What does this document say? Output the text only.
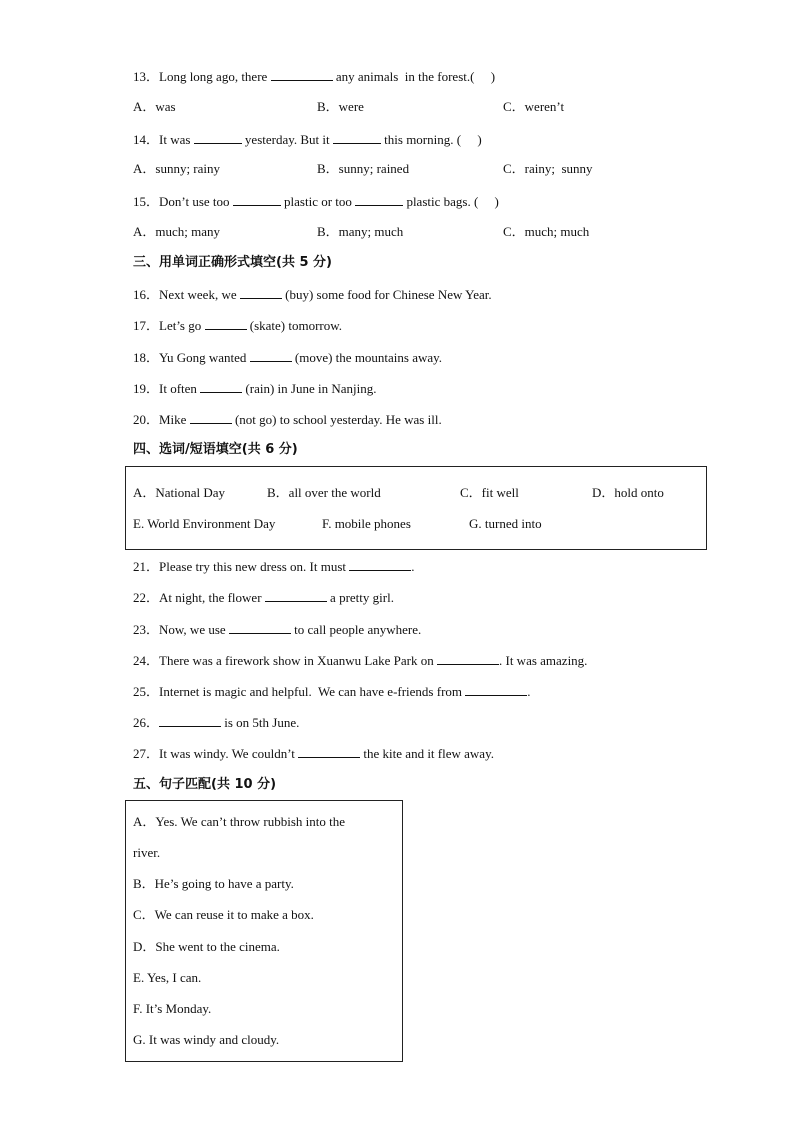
13．Long long ago, there	any animals  in the forest.(     )
A．was	B．were	C．weren’t
14．It was	yesterday. But it	this morning. (     )
A．sunny; rainy	B．sunny; rained	C．rainy;  sunny
15．Don’t use too	plastic or too	plastic bags. (     )
A．much; many	B．many; much	C．much; much
三、用单词正确形式填空(共 5 分)
16．Next week, we	(buy) some food for Chinese New Year.
17．Let’s go	(skate) tomorrow.
18．Yu Gong wanted	(move) the mountains away.
19．It often	(rain) in June in Nanjing.
20．Mike	(not go) to school yesterday. He was ill.
四、选词/短语填空(共 6 分)
A．National Day	B．all over the world	C．fit well	D．hold onto
E. World Environment Day	F. mobile phones	G. turned into
21．Please try this new dress on. It must	.
22．At night, the flower	a pretty girl.
23．Now, we use	to call people anywhere.
24．There was a firework show in Xuanwu Lake Park on	. It was amazing.
25．Internet is magic and helpful.  We can have e-friends from	.
26．	is on 5th June.
27．It was windy. We couldn’t	the kite and it flew away.
五、句子匹配(共 10 分)
A．Yes. We can’t throw rubbish into the
river.
B．He’s going to have a party.
C．We can reuse it to make a box.
D．She went to the cinema.
E. Yes, I can.
F. It’s Monday.
G. It was windy and cloudy.
